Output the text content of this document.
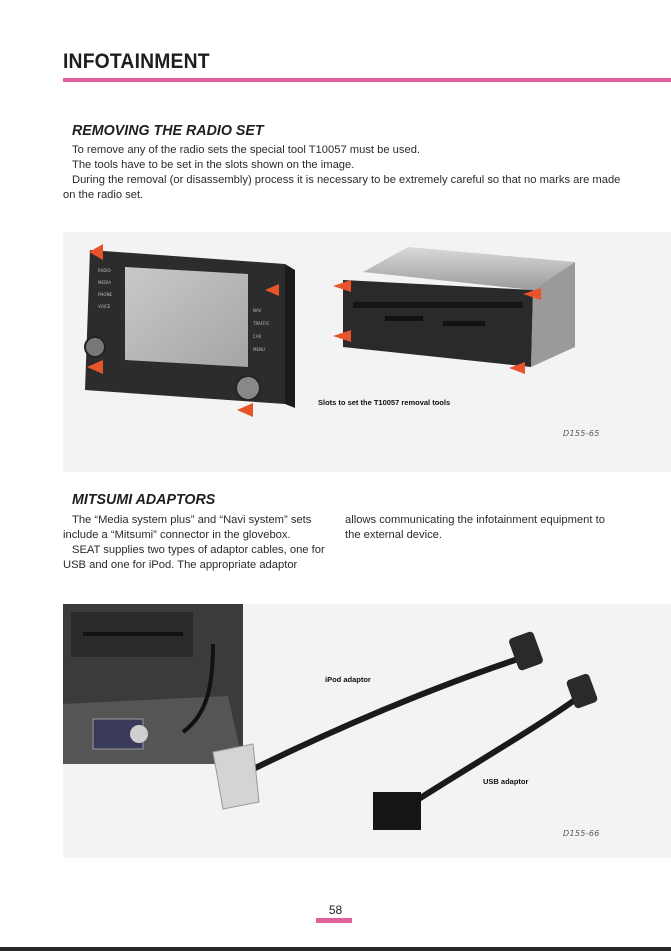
INFOTAINMENT
REMOVING THE RADIO SET

To remove any of the radio sets the special tool T10057 must be used.

The tools have to be set in the slots shown on the image.

During the removal (or disassembly) process it is necessary to be extremely careful so that no marks are made on the radio set.

RADIO
MEDIA
PHONE
VOICE
NAV
TRAFFIC
CAR
MENU
Slots to set the T10057 removal tools
D155-65
MITSUMI ADAPTORS

The “Media system plus” and “Navi system” sets include a “Mitsumi” connector in the glovebox.

SEAT supplies two types of adaptor cables, one for USB and one for iPod. The appropriate adaptor

allows communicating the infotainment equipment to the external device.

iPod adaptor
USB adaptor
D155-66
58
